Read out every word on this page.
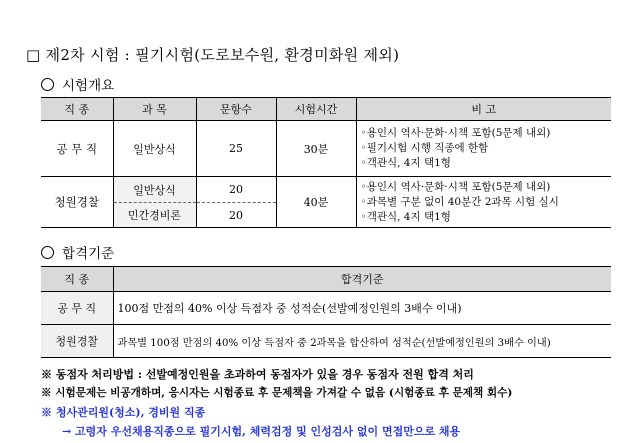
□ 제2차 시험 : 필기시험(도로보수원, 환경미화원 제외)
시험개요
직 종	과 목	문항수	시험시간	비 고
공 무 직	일반상식	25	30분	◦용인시 역사·문화·시책 포함(5문제 내외)
◦필기시험 시행 직종에 한함
◦객관식, 4지 택1형

청원경찰	일반상식	20	40분	◦용인시 역사·문화·시책 포함(5문제 내외)
◦과목별 구분 없이 40분간 2과목 시험 실시
◦객관식, 4지 택1형

	민간경비론	20		
합격기준
직 종	합격기준
공 무 직	100점 만점의 40% 이상 득점자 중 성적순(선발예정인원의 3배수 이내)
청원경찰	과목별 100점 만점의 40% 이상 득점자 중 2과목을 합산하여 성적순(선발예정인원의 3배수 이내)
※ 동점자 처리방법 : 선발예정인원을 초과하여 동점자가 있을 경우 동점자 전원 합격 처리
※ 시험문제는 비공개하며, 응시자는 시험종료 후 문제책을 가져갈 수 없음 (시험종료 후 문제책 회수)
※ 청사관리원(청소), 경비원 직종
→ 고령자 우선채용직종으로 필기시험, 체력검정 및 인성검사 없이 면접만으로 채용
